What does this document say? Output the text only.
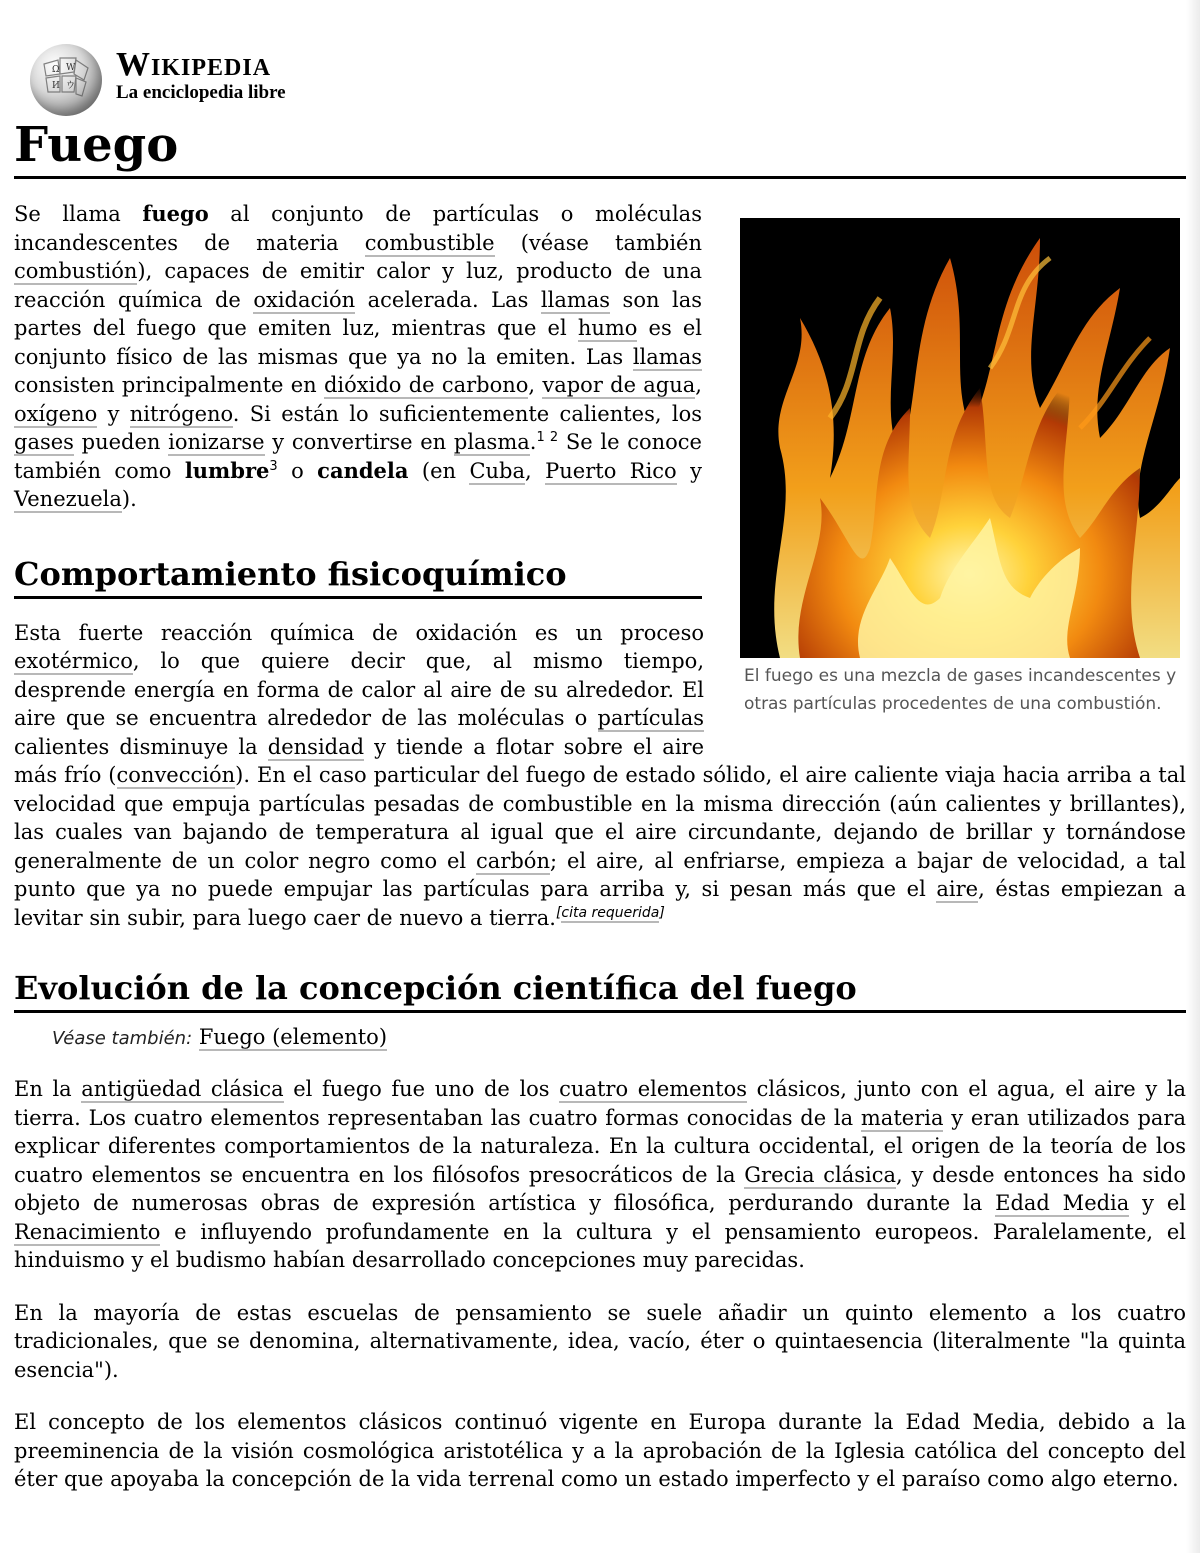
Ω W
И ウ
Wikipedia
La enciclopedia libre
Fuego
El fuego es una mezcla de gases incandescentes y otras partículas procedentes de una combustión.

Se llama fuego al conjunto de partículas o moléculas incandescentes de materia combustible (véase también combustión), capaces de emitir calor y luz, producto de una reacción química de oxidación acelerada. Las llamas son las partes del fuego que emiten luz, mientras que el humo es el conjunto físico de las mismas que ya no la emiten. Las llamas consisten principalmente en dióxido de carbono, vapor de agua, oxígeno y nitrógeno. Si están lo suficientemente calientes, los gases pueden ionizarse y convertirse en plasma.$^{1 2}$ Se le conoce también como lumbre$^3$ o candela (en Cuba, Puerto Rico y Venezuela).

Comportamiento fisicoquímico

Esta fuerte reacción química de oxidación es un proceso exotérmico, lo que quiere decir que, al mismo tiempo, desprende energía en forma de calor al aire de su alrededor. El aire que se encuentra alrededor de las moléculas o partículas calientes disminuye la densidad y tiende a flotar sobre el aire más frío (convección). En el caso particular del fuego de estado sólido, el aire caliente viaja hacia arriba a tal velocidad que empuja partículas pesadas de combustible en la misma dirección (aún calientes y brillantes), las cuales van bajando de temperatura al igual que el aire circundante, dejando de brillar y tornándose generalmente de un color negro como el carbón; el aire, al enfriarse, empieza a bajar de velocidad, a tal punto que ya no puede empujar las partículas para arriba y, si pesan más que el aire, éstas empiezan a levitar sin subir, para luego caer de nuevo a tierra.[cita requerida]

Evolución de la concepción científica del fuego
Véase también: Fuego (elemento)

En la antigüedad clásica el fuego fue uno de los cuatro elementos clásicos, junto con el agua, el aire y la tierra. Los cuatro elementos representaban las cuatro formas conocidas de la materia y eran utilizados para explicar diferentes comportamientos de la naturaleza. En la cultura occidental, el origen de la teoría de los cuatro elementos se encuentra en los filósofos presocráticos de la Grecia clásica, y desde entonces ha sido objeto de numerosas obras de expresión artística y filosófica, perdurando durante la Edad Media y el Renacimiento e influyendo profundamente en la cultura y el pensamiento europeos. Paralelamente, el hinduismo y el budismo habían desarrollado concepciones muy parecidas.

En la mayoría de estas escuelas de pensamiento se suele añadir un quinto elemento a los cuatro tradicionales, que se denomina, alternativamente, idea, vacío, éter o quintaesencia (literalmente "la quinta esencia").

El concepto de los elementos clásicos continuó vigente en Europa durante la Edad Media, debido a la preeminencia de la visión cosmológica aristotélica y a la aprobación de la Iglesia católica del concepto del éter que apoyaba la concepción de la vida terrenal como un estado imperfecto y el paraíso como algo eterno.
